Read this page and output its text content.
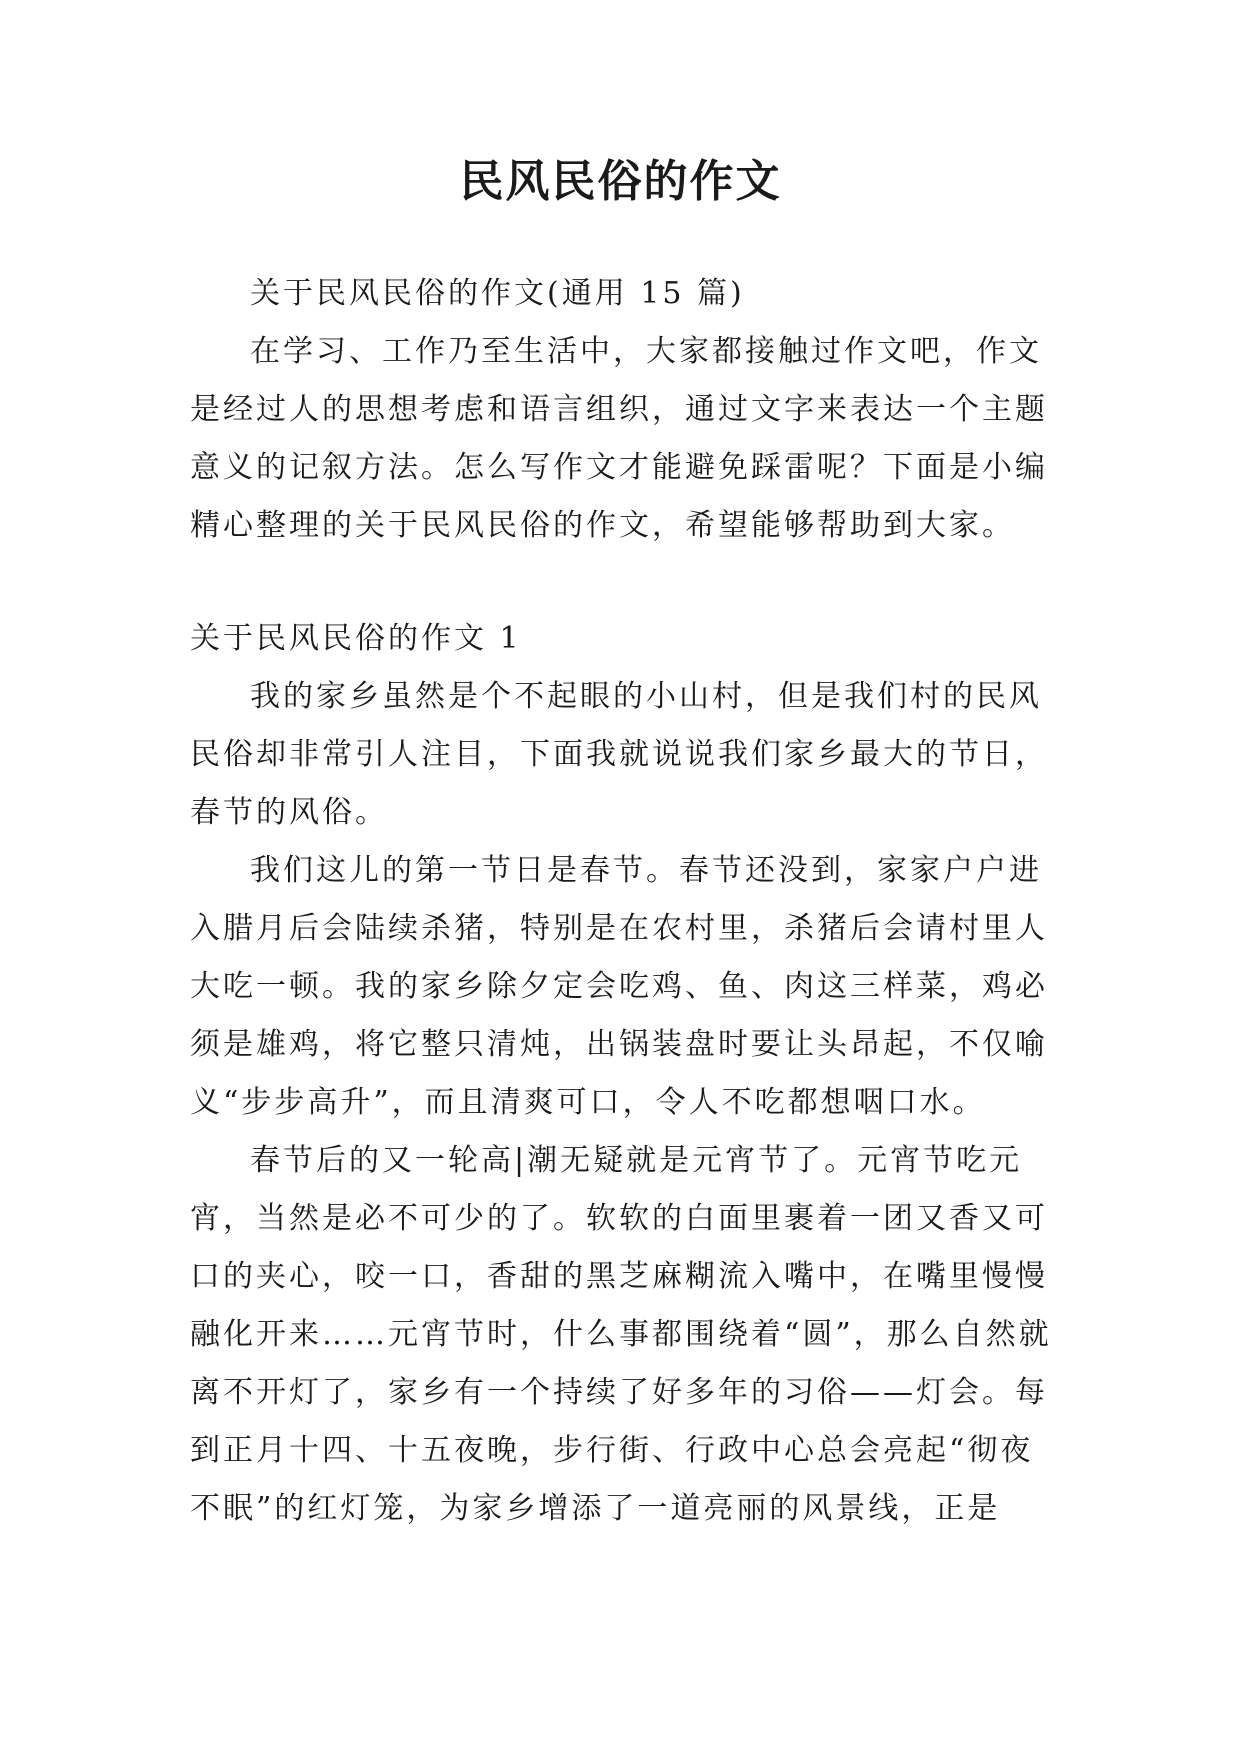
民风民俗的作文

关于民风民俗的作文(通用 15 篇)

在学习、工作乃至生活中，大家都接触过作文吧，作文是经过人的思想考虑和语言组织，通过文字来表达一个主题意义的记叙方法。怎么写作文才能避免踩雷呢？下面是小编精心整理的关于民风民俗的作文，希望能够帮助到大家。

关于民风民俗的作文 1

我的家乡虽然是个不起眼的小山村，但是我们村的民风民俗却非常引人注目，下面我就说说我们家乡最大的节日，春节的风俗。

我们这儿的第一节日是春节。春节还没到，家家户户进入腊月后会陆续杀猪，特别是在农村里，杀猪后会请村里人大吃一顿。我的家乡除夕定会吃鸡、鱼、肉这三样菜，鸡必须是雄鸡，将它整只清炖，出锅装盘时要让头昂起，不仅喻义“步步高升”，而且清爽可口，令人不吃都想咽口水。

春节后的又一轮高|潮无疑就是元宵节了。元宵节吃元宵，当然是必不可少的了。软软的白面里裹着一团又香又可口的夹心，咬一口，香甜的黑芝麻糊流入嘴中，在嘴里慢慢融化开来……元宵节时，什么事都围绕着“圆”，那么自然就离不开灯了，家乡有一个持续了好多年的习俗——灯会。每到正月十四、十五夜晚，步行街、行政中心总会亮起“彻夜不眠”的红灯笼，为家乡增添了一道亮丽的风景线，正是
